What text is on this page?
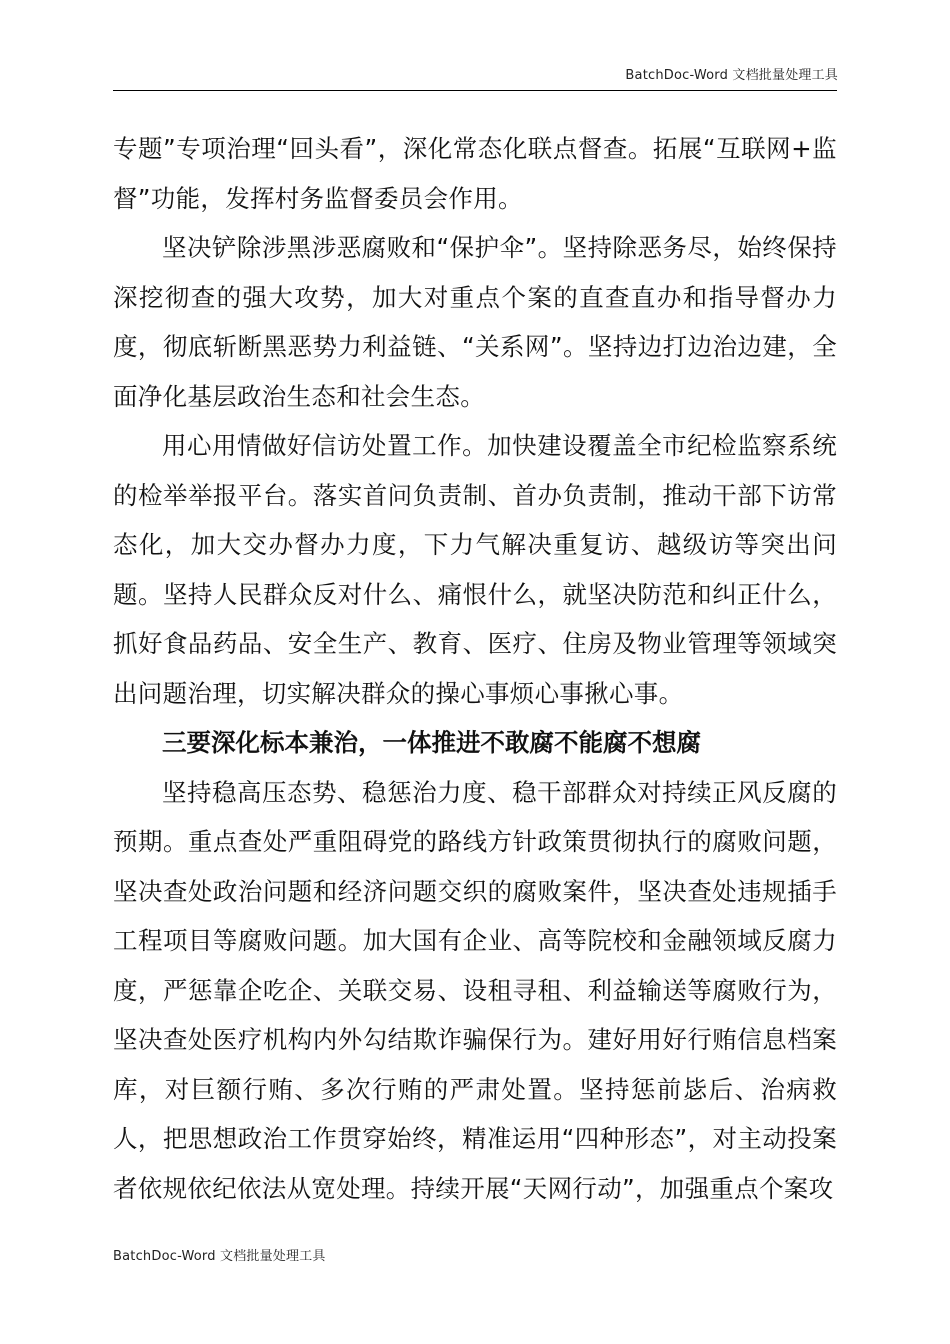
BatchDoc-Word 文档批量处理工具

专题”专项治理“回头看”，深化常态化联点督查。拓展“互联网+监督”功能，发挥村务监督委员会作用。

坚决铲除涉黑涉恶腐败和“保护伞”。坚持除恶务尽，始终保持深挖彻查的强大攻势，加大对重点个案的直查直办和指导督办力度，彻底斩断黑恶势力利益链、“关系网”。坚持边打边治边建，全面净化基层政治生态和社会生态。

用心用情做好信访处置工作。加快建设覆盖全市纪检监察系统的检举举报平台。落实首问负责制、首办负责制，推动干部下访常态化，加大交办督办力度，下力气解决重复访、越级访等突出问题。坚持人民群众反对什么、痛恨什么，就坚决防范和纠正什么，抓好食品药品、安全生产、教育、医疗、住房及物业管理等领域突出问题治理，切实解决群众的操心事烦心事揪心事。

三要深化标本兼治，一体推进不敢腐不能腐不想腐

坚持稳高压态势、稳惩治力度、稳干部群众对持续正风反腐的预期。重点查处严重阻碍党的路线方针政策贯彻执行的腐败问题，坚决查处政治问题和经济问题交织的腐败案件，坚决查处违规插手工程项目等腐败问题。加大国有企业、高等院校和金融领域反腐力度，严惩靠企吃企、关联交易、设租寻租、利益输送等腐败行为，坚决查处医疗机构内外勾结欺诈骗保行为。建好用好行贿信息档案库，对巨额行贿、多次行贿的严肃处置。坚持惩前毖后、治病救人，把思想政治工作贯穿始终，精准运用“四种形态”，对主动投案者依规依纪依法从宽处理。持续开展“天网行动”，加强重点个案攻

BatchDoc-Word 文档批量处理工具
